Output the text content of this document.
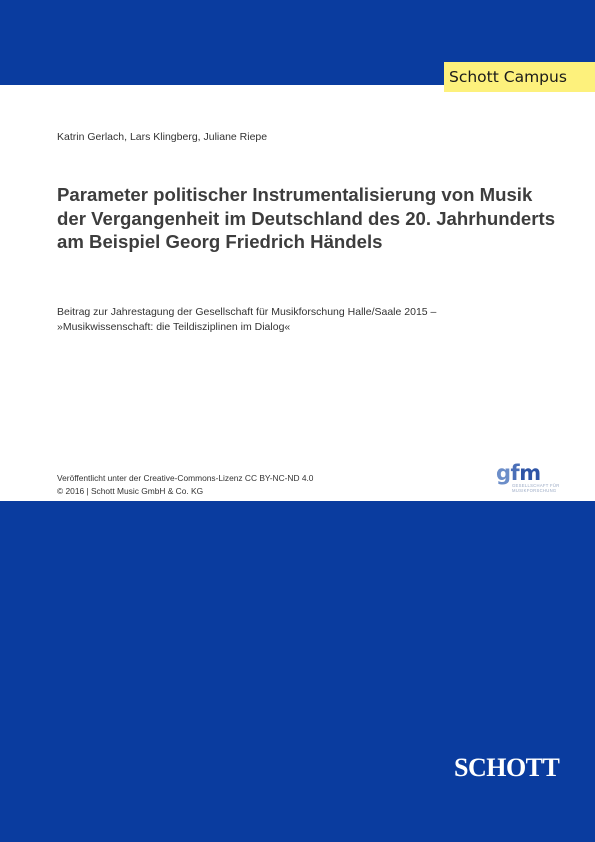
Schott Campus
Katrin Gerlach, Lars Klingberg, Juliane Riepe
Parameter politischer Instrumentalisierung von Musik der Vergangenheit im Deutschland des 20. Jahrhunderts am Beispiel Georg Friedrich Händels
Beitrag zur Jahrestagung der Gesellschaft für Musikforschung Halle/Saale 2015 –
»Musikwissenschaft: die Teildisziplinen im Dialog«
Veröffentlicht unter der Creative-Commons-Lizenz CC BY-NC-ND 4.0
© 2016 | Schott Music GmbH & Co. KG
gfm
GESELLSCHAFT FÜR
MUSIKFORSCHUNG
SCHOTT
